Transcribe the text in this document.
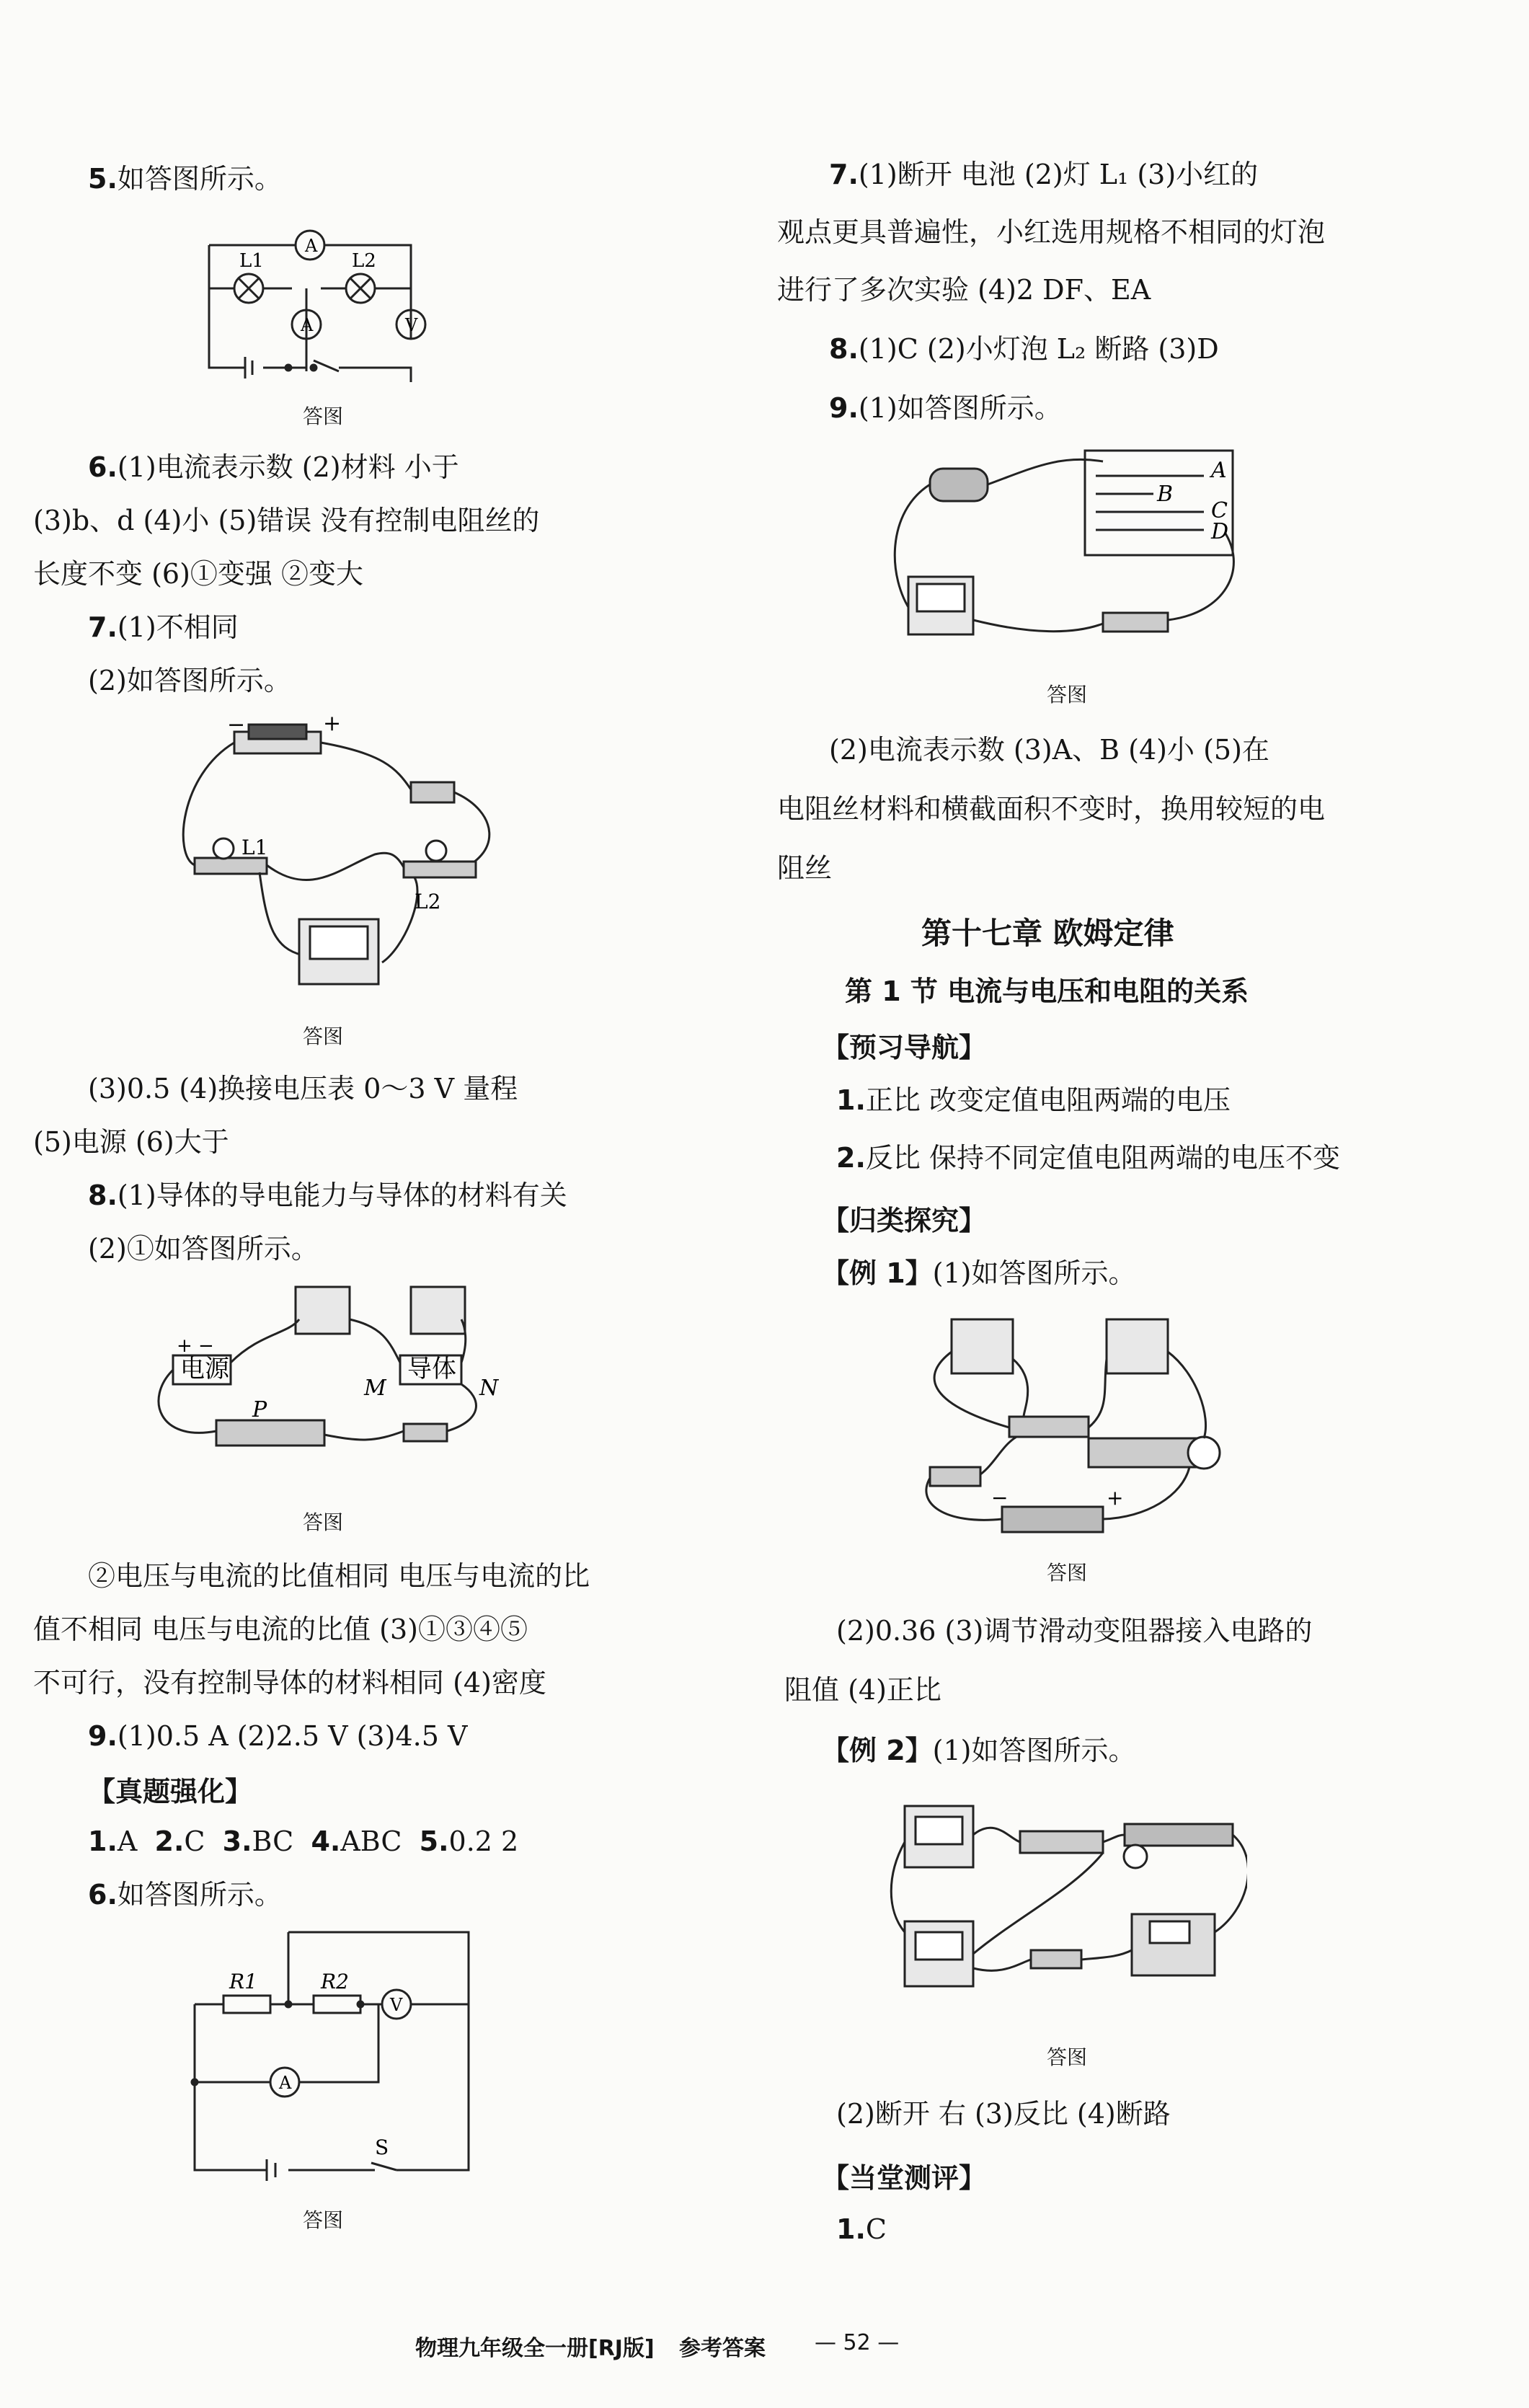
5.如答图所示。
A
A	V
L1	L2
答图
6.(1)电流表示数 (2)材料 小于
(3)b、d (4)小 (5)错误 没有控制电阻丝的
长度不变 (6)①变强 ②变大
7.(1)不相同
(2)如答图所示。
−	+
L1
L2
答图
(3)0.5 (4)换接电压表 0～3 V 量程
(5)电源 (6)大于
8.(1)导体的导电能力与导体的材料有关
(2)①如答图所示。
电源	导体
P
M	N
+ −
答图
②电压与电流的比值相同 电压与电流的比
值不相同 电压与电流的比值 (3)①③④⑤
不可行，没有控制导体的材料相同 (4)密度
9.(1)0.5 A (2)2.5 V (3)4.5 V
【真题强化】
1.A 2.C 3.BC 4.ABC 5.0.2 2
6.如答图所示。
R1	R2
V
A
S
答图
7.(1)断开 电池 (2)灯 L₁ (3)小红的
观点更具普遍性，小红选用规格不相同的灯泡
进行了多次实验 (4)2 DF、EA
8.(1)C (2)小灯泡 L₂ 断路 (3)D
9.(1)如答图所示。
A
B
C
D
答图
(2)电流表示数 (3)A、B (4)小 (5)在
电阻丝材料和横截面积不变时，换用较短的电
阻丝
第十七章 欧姆定律
第 1 节 电流与电压和电阻的关系
【预习导航】
1.正比 改变定值电阻两端的电压
2.反比 保持不同定值电阻两端的电压不变
【归类探究】
【例 1】(1)如答图所示。
−	+
答图
(2)0.36 (3)调节滑动变阻器接入电路的
阻值 (4)正比
【例 2】(1)如答图所示。
答图
(2)断开 右 (3)反比 (4)断路
【当堂测评】
1.C
物理九年级全一册[RJ版] 参考答案 — 52 —
